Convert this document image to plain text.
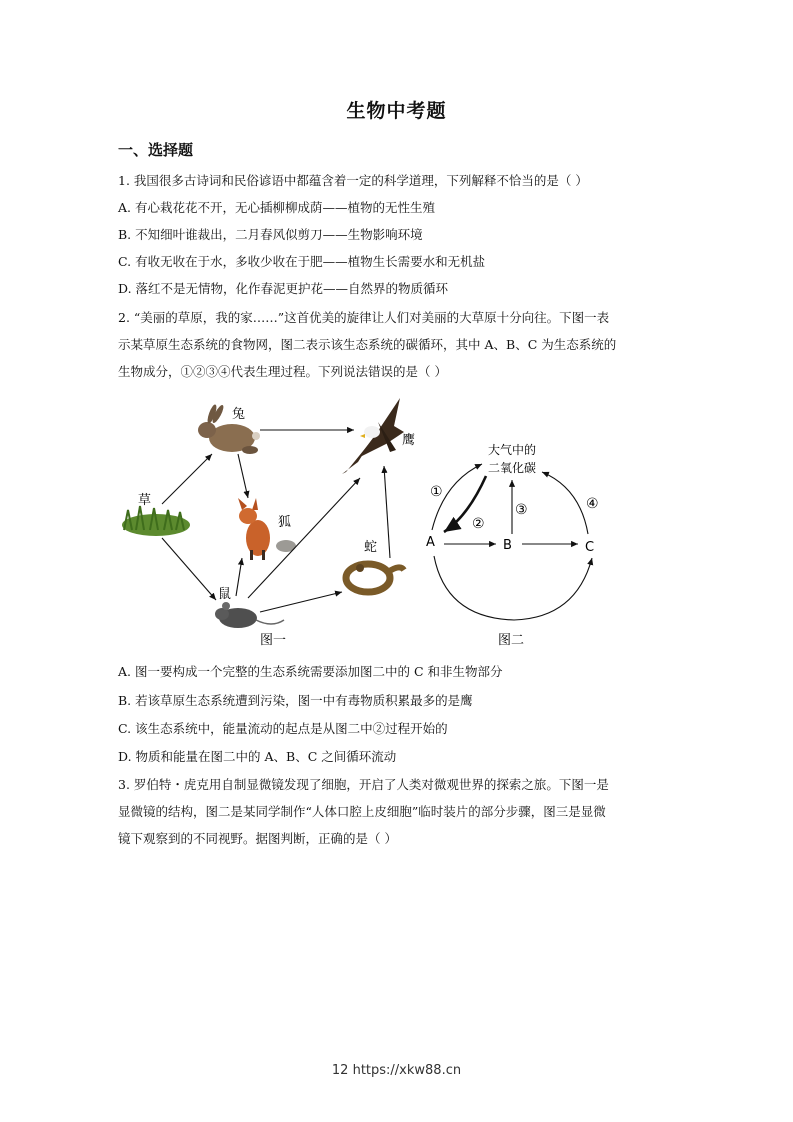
生物中考题
一、选择题
1. 我国很多古诗词和民俗谚语中都蕴含着一定的科学道理，下列解释不恰当的是（ ）
A. 有心栽花花不开，无心插柳柳成荫——植物的无性生殖
B. 不知细叶谁裁出，二月春风似剪刀——生物影响环境
C. 有收无收在于水，多收少收在于肥——植物生长需要水和无机盐
D. 落红不是无情物，化作春泥更护花——自然界的物质循环
2. “美丽的草原，我的家……”这首优美的旋律让人们对美丽的大草原十分向往。下图一表
示某草原生态系统的食物网，图二表示该生态系统的碳循环，其中 A、B、C 为生态系统的
生物成分，①②③④代表生理过程。下列说法错误的是（ ）
兔
鹰
草
狐
鼠
蛇
图一
大气中的
二氧化碳
A	B	C
①
②
③	④
图二
A. 图一要构成一个完整的生态系统需要添加图二中的 C 和非生物部分
B. 若该草原生态系统遭到污染，图一中有毒物质积累最多的是鹰
C. 该生态系统中，能量流动的起点是从图二中②过程开始的
D. 物质和能量在图二中的 A、B、C 之间循环流动
3. 罗伯特・虎克用自制显微镜发现了细胞，开启了人类对微观世界的探索之旅。下图一是
显微镜的结构，图二是某同学制作“人体口腔上皮细胞”临时装片的部分步骤，图三是显微
镜下观察到的不同视野。据图判断，正确的是（ ）
12 https://xkw88.cn
